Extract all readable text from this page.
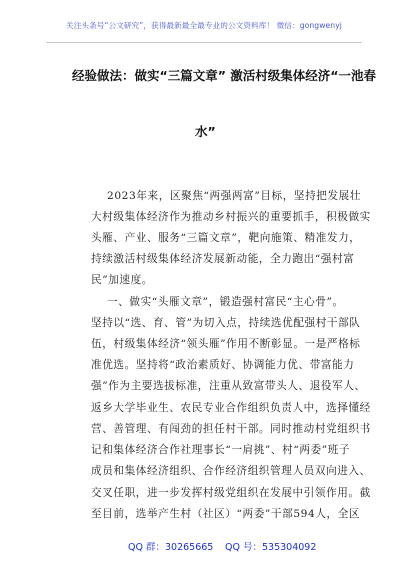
关注头条号“公文研究”，获得最新最全最专业的公文资料库！ 微信：gongwenyj
经验做法：做实“三篇文章” 激活村级集体经济“一池春
水”
2023年来，区聚焦“两强两富”目标，坚持把发展壮
大村级集体经济作为推动乡村振兴的重要抓手，积极做实
头雁、产业、服务“三篇文章”，靶向施策、精准发力，
持续激活村级集体经济发展新动能，全力跑出“强村富
民”加速度。
一、做实“头雁文章”，锻造强村富民“主心骨”。
坚持以“选、育、管”为切入点，持续选优配强村干部队
伍，村级集体经济“领头雁”作用不断彰显。一是严格标
准优选。坚持将“政治素质好、协调能力优、带富能力
强”作为主要选拔标准，注重从致富带头人、退役军人、
返乡大学毕业生、农民专业合作组织负责人中，选择懂经
营、善管理、有闯劲的担任村干部。同时推动村党组织书
记和集体经济合作社理事长“一肩挑”、村“两委”班子
成员和集体经济组织、合作经济组织管理人员双向进入、
交叉任职，进一步发挥村级党组织在发展中引领作用。截
至目前，选举产生村（社区）“两委”干部594人，全区
QQ 群：30265665 QQ 号：535304092
